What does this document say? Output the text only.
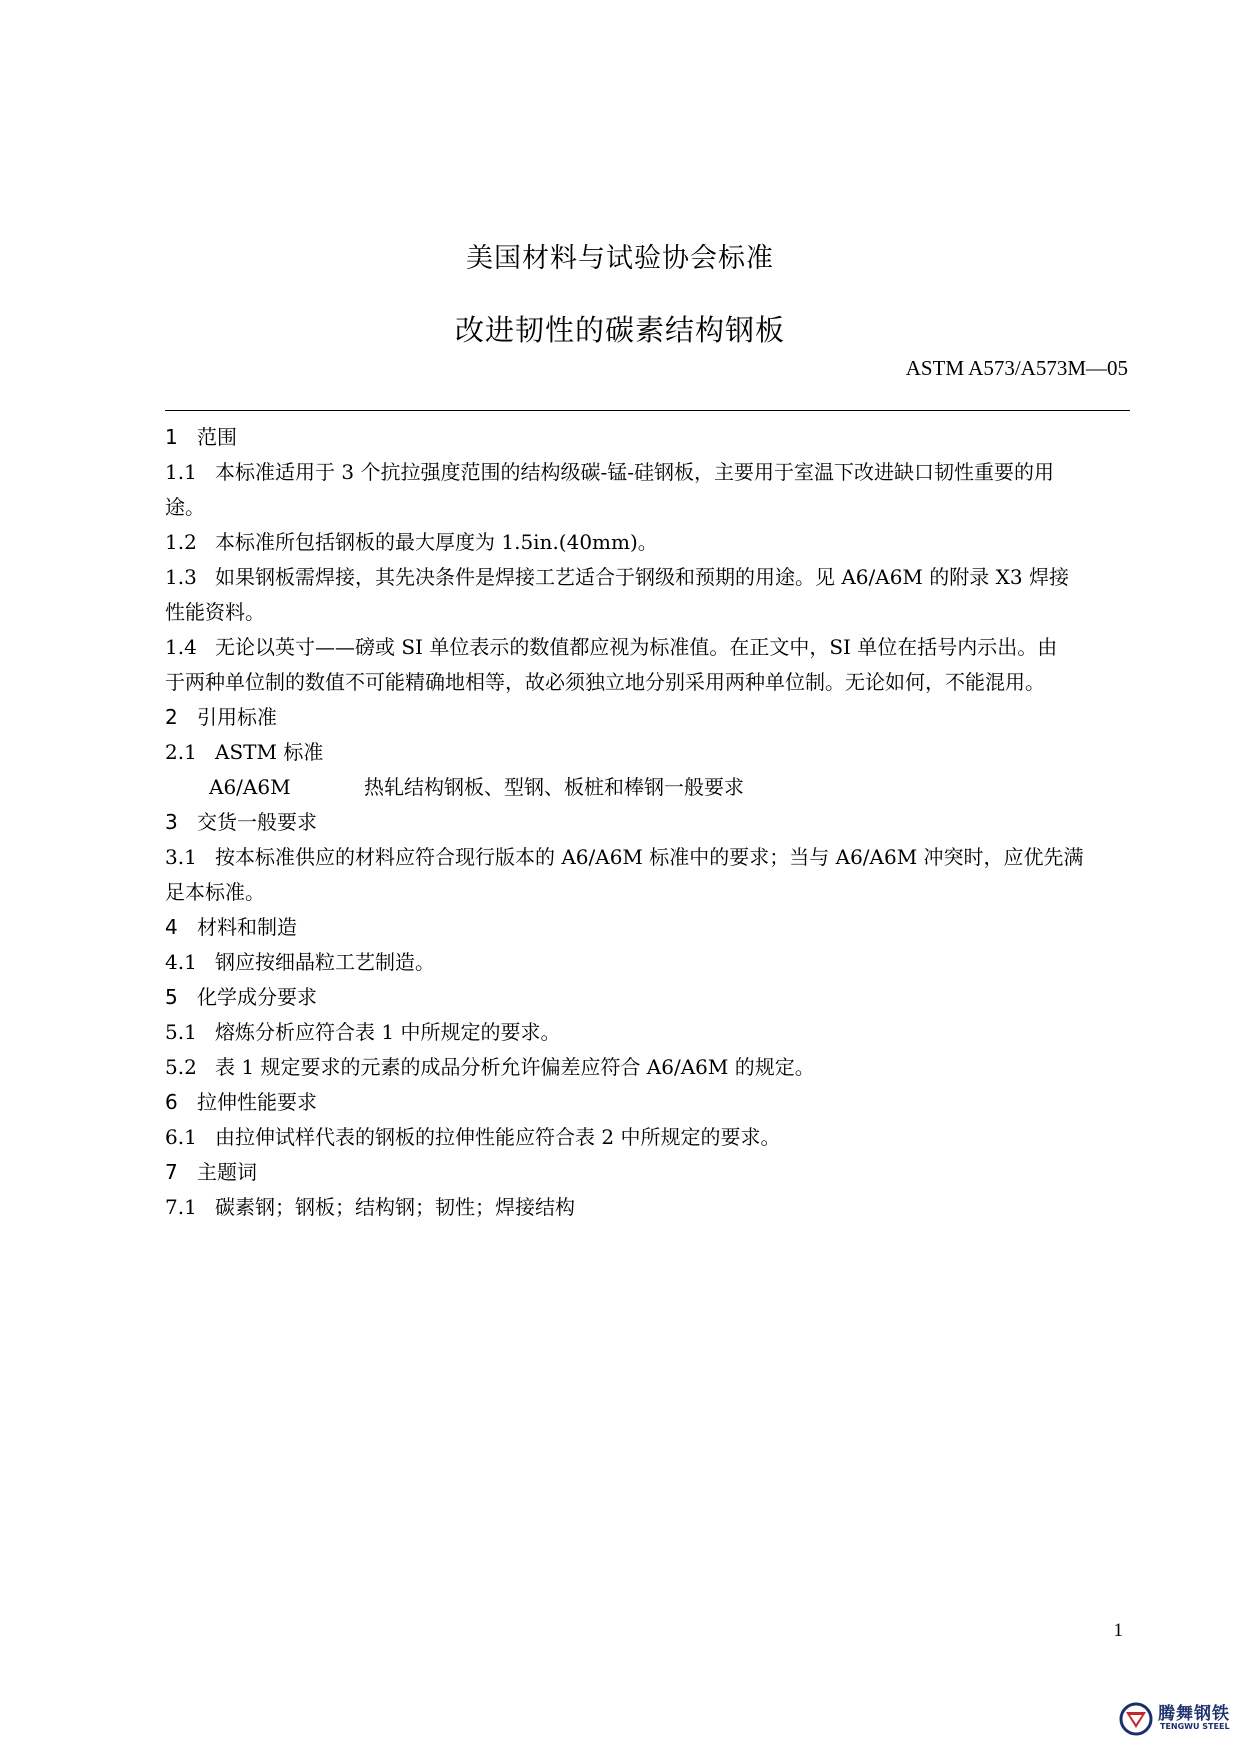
美国材料与试验协会标准
改进韧性的碳素结构钢板
ASTM A573/A573M—05
1 范围
1.1 本标准适用于 3 个抗拉强度范围的结构级碳-锰-硅钢板，主要用于室温下改进缺口韧性重要的用
途。
1.2 本标准所包括钢板的最大厚度为 1.5in.(40mm)。
1.3 如果钢板需焊接，其先决条件是焊接工艺适合于钢级和预期的用途。见 A6/A6M 的附录 X3 焊接
性能资料。
1.4 无论以英寸——磅或 SI 单位表示的数值都应视为标准值。在正文中，SI 单位在括号内示出。由
于两种单位制的数值不可能精确地相等，故必须独立地分别采用两种单位制。无论如何，不能混用。
2 引用标准
2.1 ASTM 标准
A6/A6M	热轧结构钢板、型钢、板桩和棒钢一般要求
3 交货一般要求
3.1 按本标准供应的材料应符合现行版本的 A6/A6M 标准中的要求；当与 A6/A6M 冲突时，应优先满
足本标准。
4 材料和制造
4.1 钢应按细晶粒工艺制造。
5 化学成分要求
5.1 熔炼分析应符合表 1 中所规定的要求。
5.2 表 1 规定要求的元素的成品分析允许偏差应符合 A6/A6M 的规定。
6 拉伸性能要求
6.1 由拉伸试样代表的钢板的拉伸性能应符合表 2 中所规定的要求。
7 主题词
7.1 碳素钢；钢板；结构钢；韧性；焊接结构
1
腾舞钢铁
TENGWU STEEL
